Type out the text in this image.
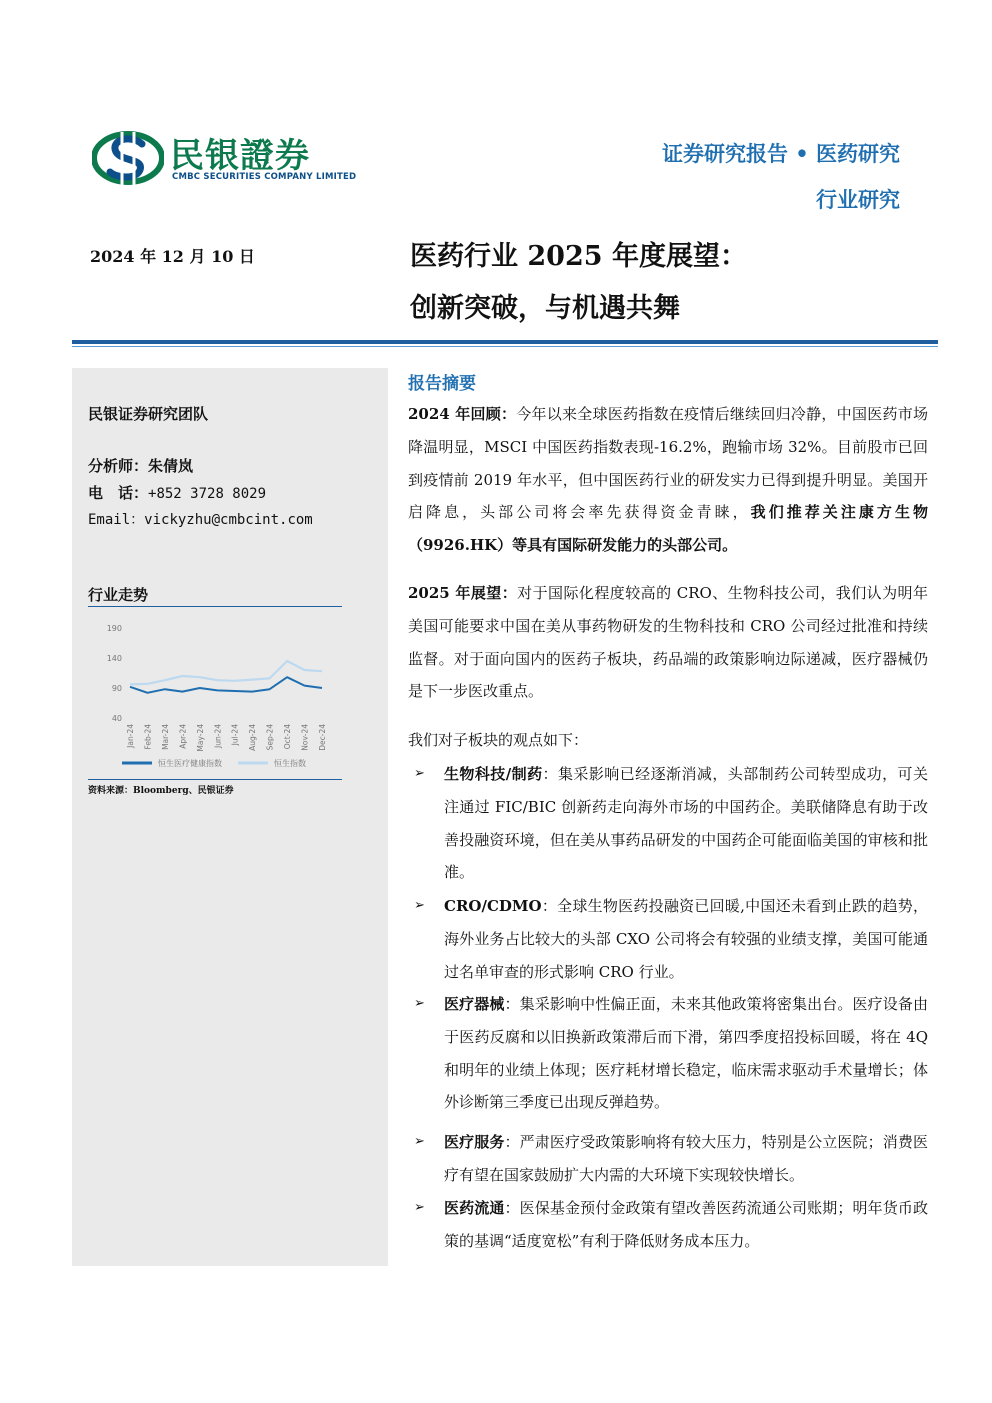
民银證券
CMBC SECURITIES COMPANY LIMITED
证券研究报告 • 医药研究
行业研究
2024 年 12 月 10 日	医药行业 2025 年度展望：
创新突破，与机遇共舞
民银证券研究团队
分析师：朱倩岚
电　话：+852 3728 8029
Email：vickyzhu@cmbcint.com
行业走势
190
140
90
40
Jan-24 Feb-24 Mar-24 Apr-24 May-24 Jun-24 Jul-24 Aug-24 Sep-24 Oct-24 Nov-24 Dec-24
恒生医疗健康指数	恒生指数
资料来源：Bloomberg、民银证券
报告摘要
2024 年回顾：今年以来全球医药指数在疫情后继续回归冷静，中国医药市场降温明显，MSCI 中国医药指数表现-16.2%，跑输市场 32%。目前股市已回到疫情前 2019 年水平，但中国医药行业的研发实力已得到提升明显。美国开启降息，头部公司将会率先获得资金青睐，我们推荐关注康方生物（9926.HK）等具有国际研发能力的头部公司。
2025 年展望：对于国际化程度较高的 CRO、生物科技公司，我们认为明年美国可能要求中国在美从事药物研发的生物科技和 CRO 公司经过批准和持续监督。对于面向国内的医药子板块，药品端的政策影响边际递减，医疗器械仍是下一步医改重点。
我们对子板块的观点如下：
➢ 生物科技/制药：集采影响已经逐渐消减，头部制药公司转型成功，可关注通过 FIC/BIC 创新药走向海外市场的中国药企。美联储降息有助于改善投融资环境，但在美从事药品研发的中国药企可能面临美国的审核和批准。
➢ CRO/CDMO：全球生物医药投融资已回暖,中国还未看到止跌的趋势，海外业务占比较大的头部 CXO 公司将会有较强的业绩支撑，美国可能通过名单审查的形式影响 CRO 行业。
➢ 医疗器械：集采影响中性偏正面，未来其他政策将密集出台。医疗设备由于医药反腐和以旧换新政策滞后而下滑，第四季度招投标回暖，将在 4Q 和明年的业绩上体现；医疗耗材增长稳定，临床需求驱动手术量增长；体外诊断第三季度已出现反弹趋势。
➢ 医疗服务：严肃医疗受政策影响将有较大压力，特别是公立医院；消费医疗有望在国家鼓励扩大内需的大环境下实现较快增长。
➢ 医药流通：医保基金预付金政策有望改善医药流通公司账期；明年货币政策的基调“适度宽松”有利于降低财务成本压力。
